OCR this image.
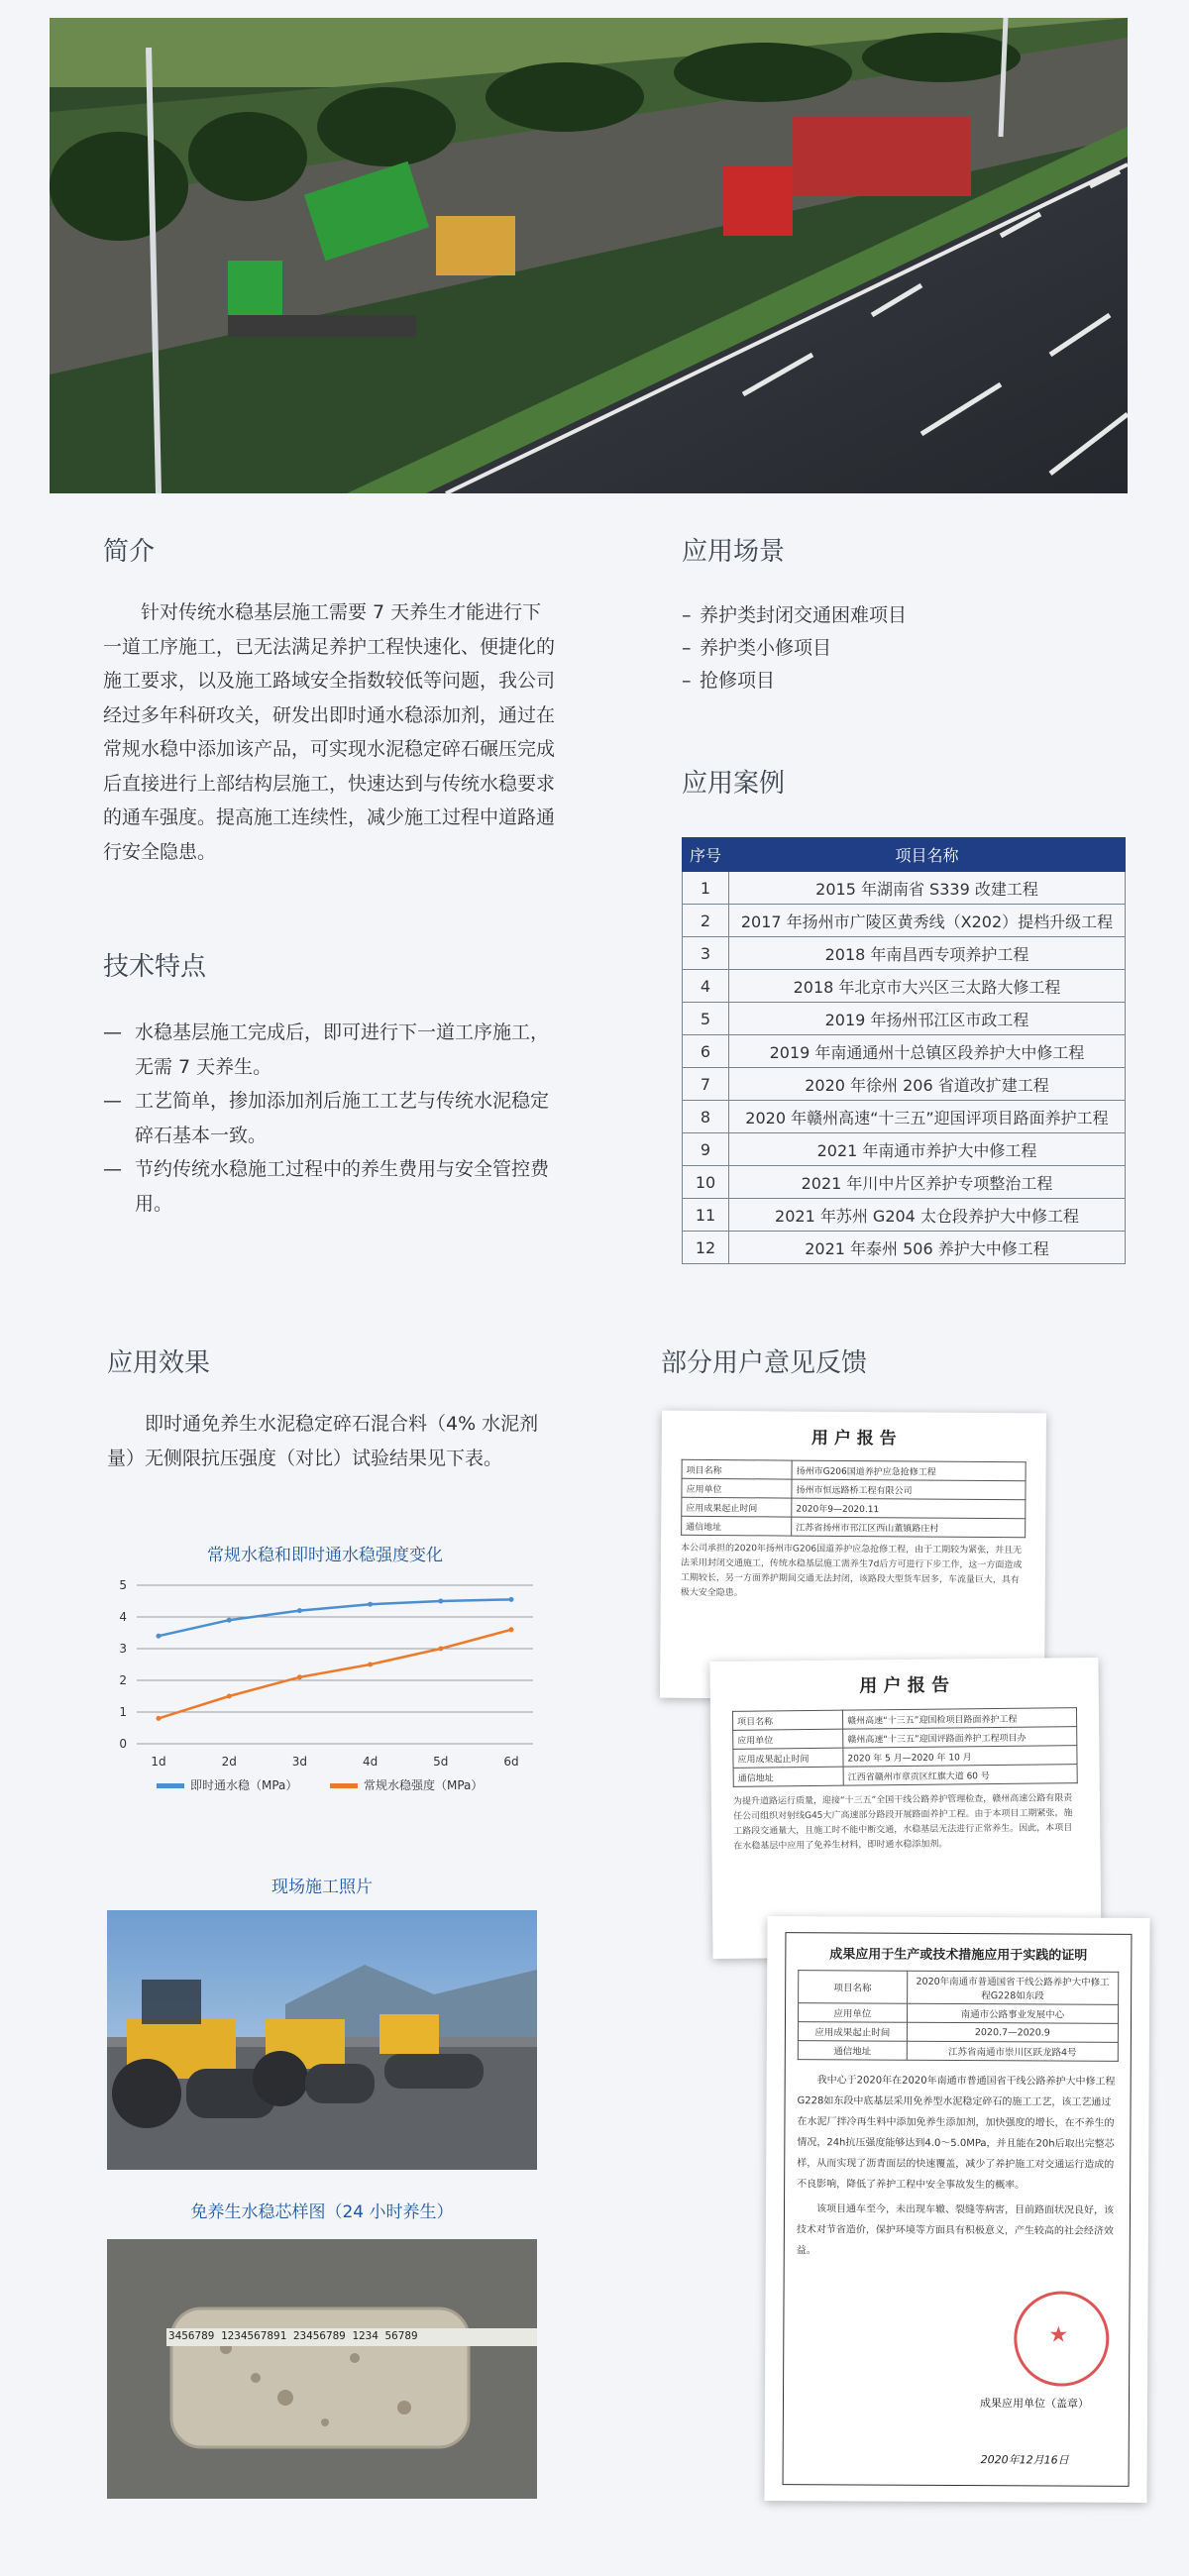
简介

针对传统水稳基层施工需要 7 天养生才能进行下一道工序施工，已无法满足养护工程快速化、便捷化的施工要求，以及施工路域安全指数较低等问题，我公司经过多年科研攻关，研发出即时通水稳添加剂，通过在常规水稳中添加该产品，可实现水泥稳定碎石碾压完成后直接进行上部结构层施工，快速达到与传统水稳要求的通车强度。提高施工连续性，减少施工过程中道路通行安全隐患。

技术特点
— 水稳基层施工完成后，即可进行下一道工序施工，无需 7 天养生。
— 工艺简单，掺加添加剂后施工工艺与传统水泥稳定碎石基本一致。
— 节约传统水稳施工过程中的养生费用与安全管控费用。
应用场景
– 养护类封闭交通困难项目
– 养护类小修项目
– 抢修项目
应用案例
序号	项目名称
1	2015 年湖南省 S339 改建工程
2	2017 年扬州市广陵区黄秀线（X202）提档升级工程
3	2018 年南昌西专项养护工程
4	2018 年北京市大兴区三太路大修工程
5	2019 年扬州邗江区市政工程
6	2019 年南通通州十总镇区段养护大中修工程
7	2020 年徐州 206 省道改扩建工程
8	2020 年赣州高速“十三五”迎国评项目路面养护工程
9	2021 年南通市养护大中修工程
10	2021 年川中片区养护专项整治工程
11	2021 年苏州 G204 太仓段养护大中修工程
12	2021 年泰州 506 养护大中修工程
应用效果

即时通免养生水泥稳定碎石混合料（4% 水泥剂量）无侧限抗压强度（对比）试验结果见下表。

常规水稳和即时通水稳强度变化
0
1
2
3
4
5
1d	2d	3d	4d	5d	6d
即时通水稳（MPa）	常规水稳强度（MPa）
现场施工照片
免养生水稳芯样图（24 小时养生）
3456789 1234567891 23456789 1234 56789
部分用户意见反馈
用 户 报 告
项目名称	扬州市G206国道养护应急抢修工程
应用单位	扬州市恒远路桥工程有限公司
应用成果起止时间	2020年9—2020.11
通信地址	江苏省扬州市邗江区西山董镇路庄村
本公司承担的2020年扬州市G206国道养护应急抢修工程，由于工期较为紧张，并且无法采用封闭交通施工，传统水稳基层施工需养生7d后方可进行下步工作，这一方面造成工期较长，另一方面养护期间交通无法封闭，该路段大型货车居多，车流量巨大，具有极大安全隐患。
用 户 报 告
项目名称	赣州高速“十三五”迎国检项目路面养护工程
应用单位	赣州高速“十三五”迎国评路面养护工程项目办
应用成果起止时间	2020 年 5 月—2020 年 10 月
通信地址	江西省赣州市章贡区红旗大道 60 号
为提升道路运行质量，迎接“十三五”全国干线公路养护管理检查，赣州高速公路有限责任公司组织对射线G45大广高速部分路段开展路面养护工程。由于本项目工期紧张，施工路段交通量大，且施工时不能中断交通，水稳基层无法进行正常养生。因此，本项目在水稳基层中应用了免养生材料，即时通水稳添加剂。
成果应用于生产或技术措施应用于实践的证明
项目名称	2020年南通市普通国省干线公路养护大中修工程G228如东段
应用单位	南通市公路事业发展中心
应用成果起止时间	2020.7—2020.9
通信地址	江苏省南通市崇川区跃龙路4号
我中心于2020年在2020年南通市普通国省干线公路养护大中修工程G228如东段中底基层采用免养型水泥稳定碎石的施工工艺，该工艺通过在水泥厂拌冷再生料中添加免养生添加剂，加快强度的增长，在不养生的情况，24h抗压强度能够达到4.0～5.0MPa，并且能在20h后取出完整芯样，从而实现了沥青面层的快速覆盖，减少了养护施工对交通运行造成的不良影响，降低了养护工程中安全事故发生的概率。
该项目通车至今，未出现车辙、裂缝等病害，目前路面状况良好，该技术对节省造价，保护环境等方面具有积极意义，产生较高的社会经济效益。
★
成果应用单位（盖章）
2020年12月16日
